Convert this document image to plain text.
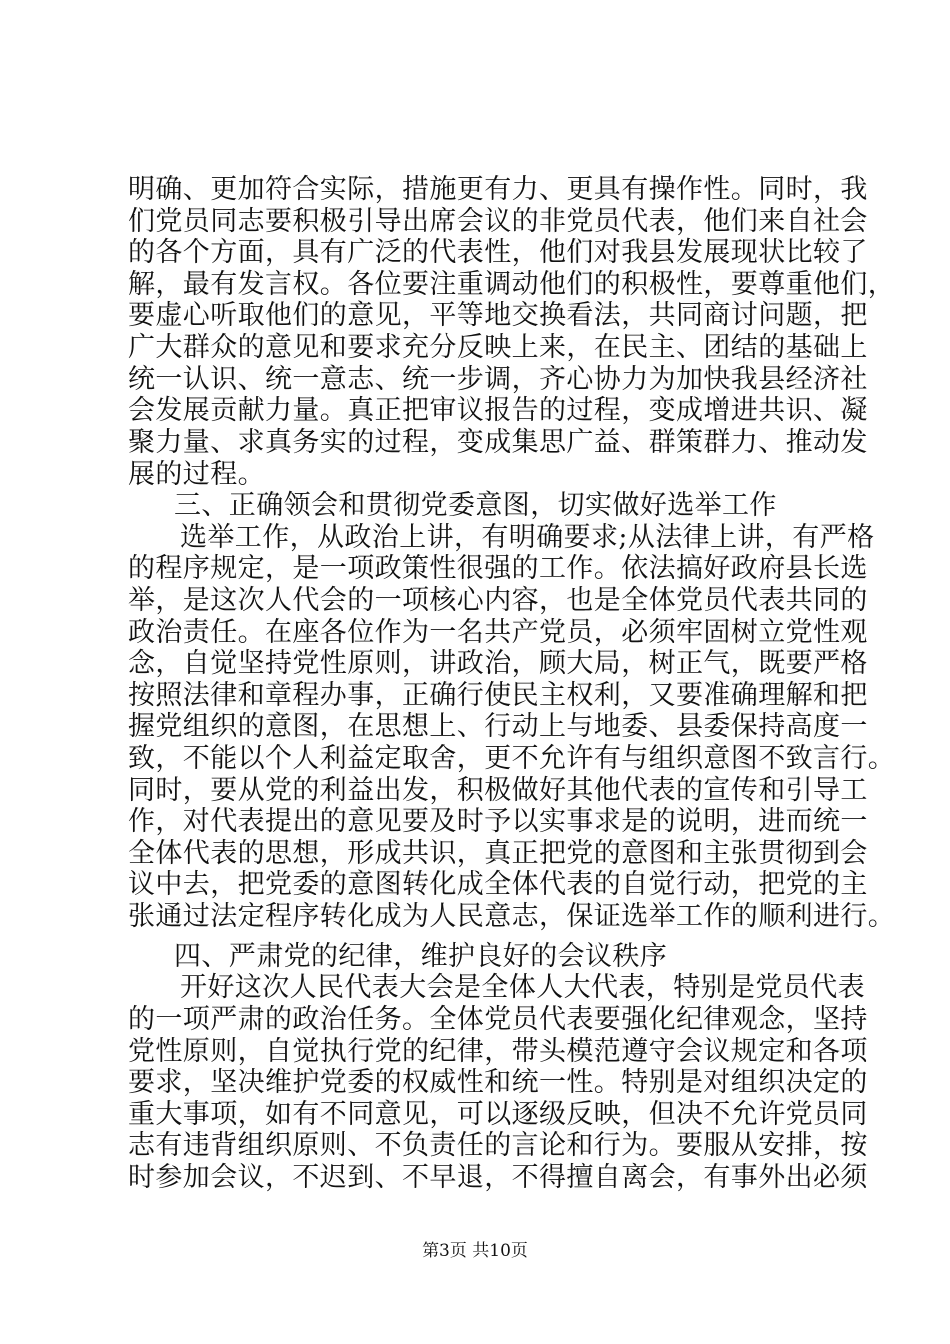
明确、更加符合实际，措施更有力、更具有操作性。同时，我
们党员同志要积极引导出席会议的非党员代表，他们来自社会
的各个方面，具有广泛的代表性，他们对我县发展现状比较了
解，最有发言权。各位要注重调动他们的积极性，要尊重他们，
要虚心听取他们的意见，平等地交换看法，共同商讨问题，把
广大群众的意见和要求充分反映上来，在民主、团结的基础上
统一认识、统一意志、统一步调，齐心协力为加快我县经济社
会发展贡献力量。真正把审议报告的过程，变成增进共识、凝
聚力量、求真务实的过程，变成集思广益、群策群力、推动发
展的过程。
三、正确领会和贯彻党委意图，切实做好选举工作
选举工作，从政治上讲，有明确要求;从法律上讲，有严格
的程序规定，是一项政策性很强的工作。依法搞好政府县长选
举，是这次人代会的一项核心内容，也是全体党员代表共同的
政治责任。在座各位作为一名共产党员，必须牢固树立党性观
念，自觉坚持党性原则，讲政治，顾大局，树正气，既要严格
按照法律和章程办事，正确行使民主权利，又要准确理解和把
握党组织的意图，在思想上、行动上与地委、县委保持高度一
致，不能以个人利益定取舍，更不允许有与组织意图不致言行。
同时，要从党的利益出发，积极做好其他代表的宣传和引导工
作，对代表提出的意见要及时予以实事求是的说明，进而统一
全体代表的思想，形成共识，真正把党的意图和主张贯彻到会
议中去，把党委的意图转化成全体代表的自觉行动，把党的主
张通过法定程序转化成为人民意志，保证选举工作的顺利进行。
四、严肃党的纪律，维护良好的会议秩序
开好这次人民代表大会是全体人大代表，特别是党员代表
的一项严肃的政治任务。全体党员代表要强化纪律观念，坚持
党性原则，自觉执行党的纪律，带头模范遵守会议规定和各项
要求，坚决维护党委的权威性和统一性。特别是对组织决定的
重大事项，如有不同意见，可以逐级反映，但决不允许党员同
志有违背组织原则、不负责任的言论和行为。要服从安排，按
时参加会议，不迟到、不早退，不得擅自离会，有事外出必须
第3页 共10页
